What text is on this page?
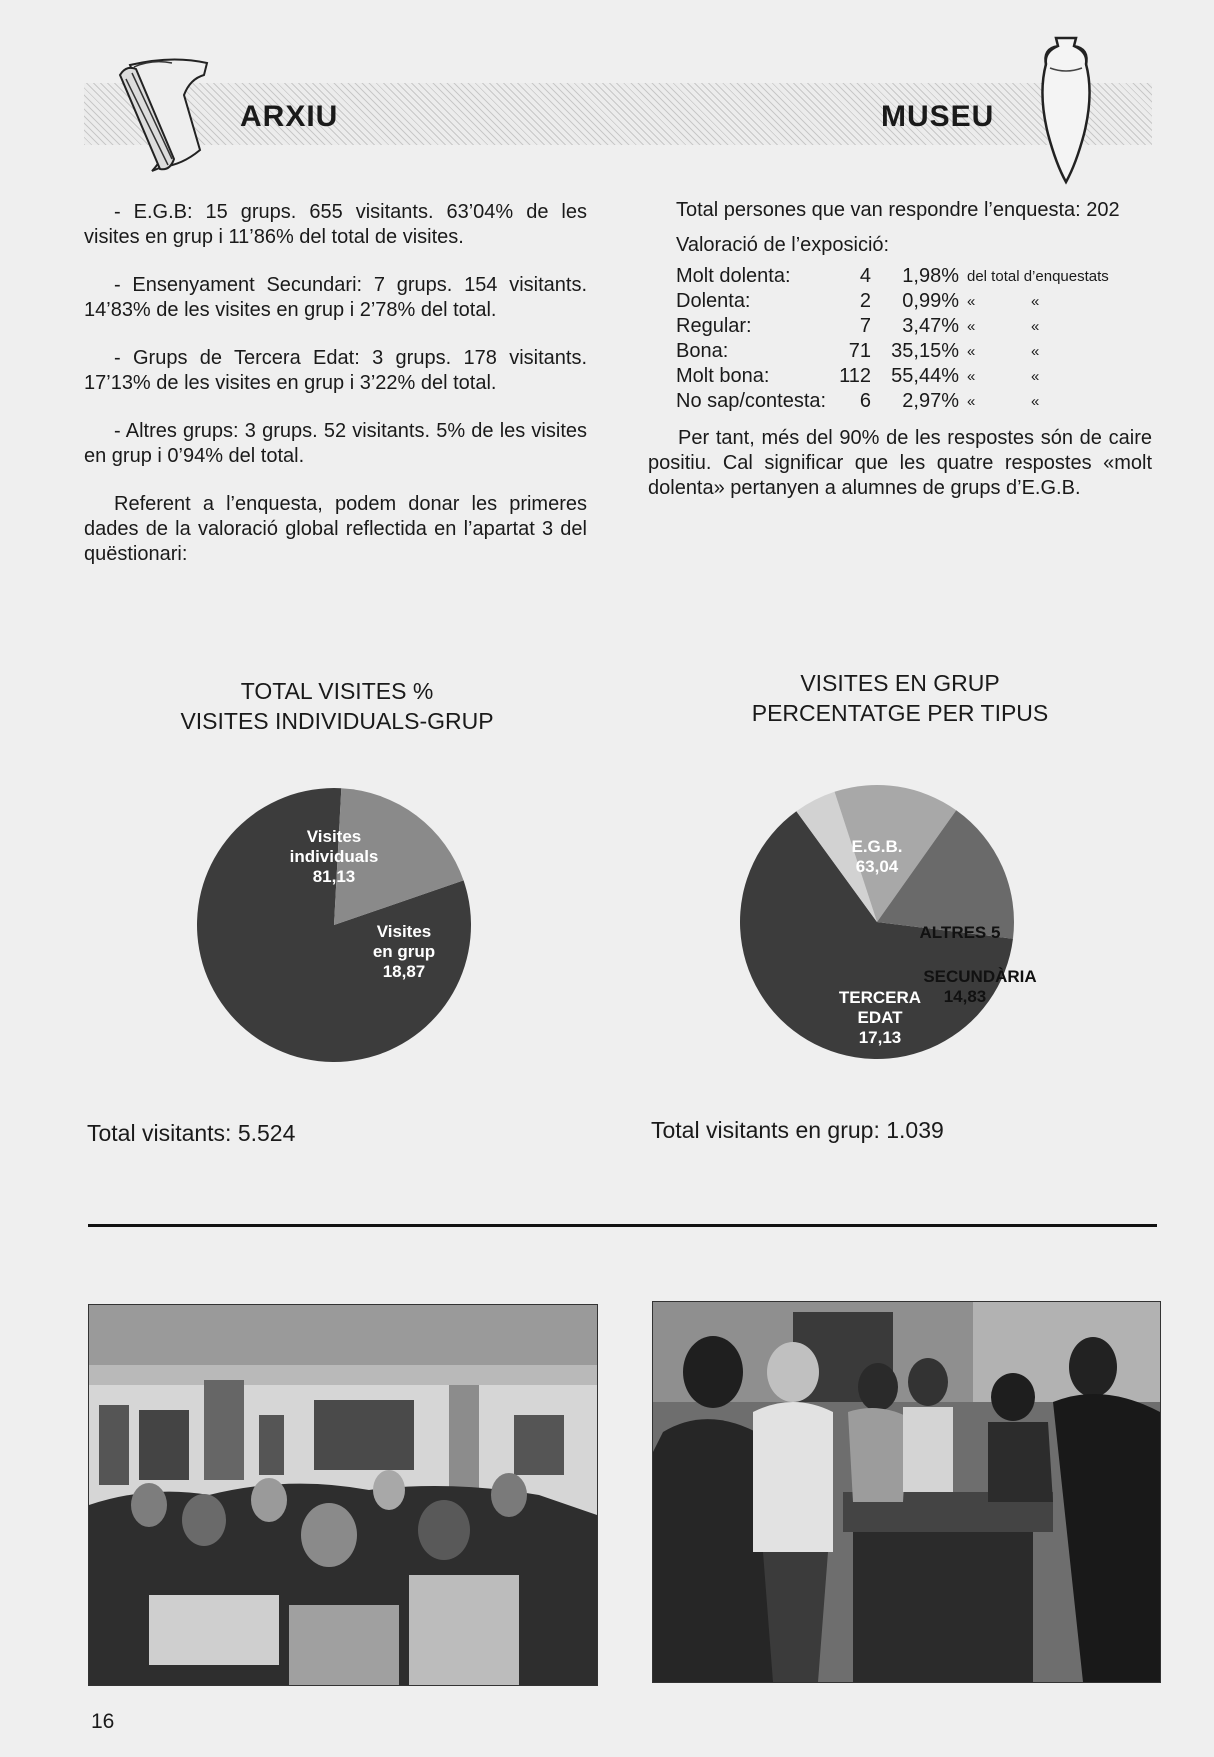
ARXIU	MUSEU

- E.G.B: 15 grups. 655 visitants. 63’04% de les visites en grup i 11’86% del total de visites.

- Ensenyament Secundari: 7 grups. 154 visitants. 14’83% de les visites en grup i 2’78% del total.

- Grups de Tercera Edat: 3 grups. 178 visitants. 17’13% de les visites en grup i 3’22% del total.

- Altres grups: 3 grups. 52 visitants. 5% de les visites en grup i 0’94% del total.

Referent a l’enquesta, podem donar les primeres dades de la valoració global reflectida en l’apartat 3 del quëstionari:

Total persones que van respondre l’enquesta: 202
Valoració de l’exposició:
Molt dolenta:	4	1,98%	del total d’enquestats	
Dolenta:	2	0,99%	«	«
Regular:	7	3,47%	«	«
Bona:	71	35,15%	«	«
Molt bona:	112	55,44%	«	«
No sap/contesta:	6	2,97%	«	«

Per tant, més del 90% de les respostes són de caire positiu. Cal significar que les quatre respostes «molt dolenta» pertanyen a alumnes de grups d’E.G.B.

TOTAL VISITES %
VISITES INDIVIDUALS-GRUP
Visites individuals 81,13
Visites en grup 18,87
Total visitants: 5.524
VISITES EN GRUP
PERCENTATGE PER TIPUS
E.G.B. 63,04
ALTRES 5
SECUNDÀRIA 14,83
TERCERA EDAT 17,13
Total visitants en grup: 1.039
16
